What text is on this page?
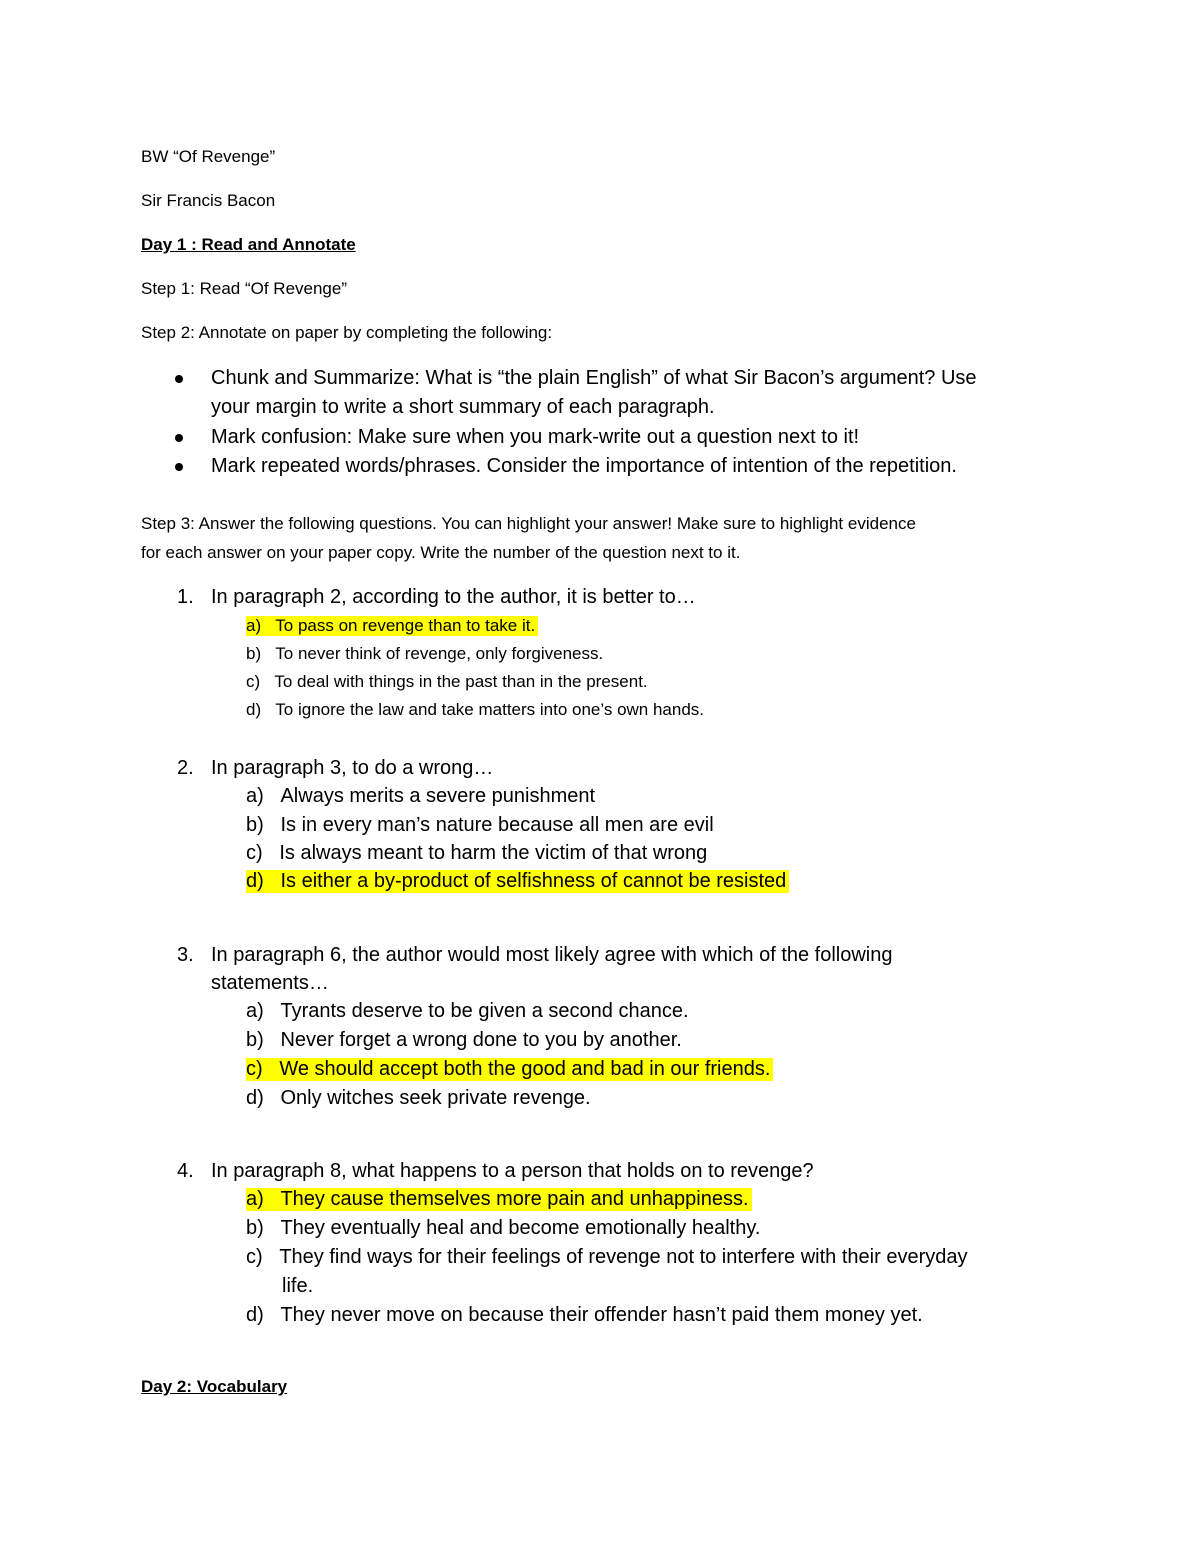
BW “Of Revenge”
Sir Francis Bacon
Day 1 : Read and Annotate
Step 1: Read “Of Revenge”
Step 2: Annotate on paper by completing the following:
Chunk and Summarize: What is “the plain English” of what Sir Bacon’s argument? Use
your margin to write a short summary of each paragraph.
Mark confusion: Make sure when you mark-write out a question next to it!
Mark repeated words/phrases. Consider the importance of intention of the repetition.
Step 3: Answer the following questions. You can highlight your answer! Make sure to highlight evidence
for each answer on your paper copy. Write the number of the question next to it.
1. In paragraph 2, according to the author, it is better to…
a) To pass on revenge than to take it.
b) To never think of revenge, only forgiveness.
c) To deal with things in the past than in the present.
d) To ignore the law and take matters into one’s own hands.
2. In paragraph 3, to do a wrong…
a) Always merits a severe punishment
b) Is in every man’s nature because all men are evil
c) Is always meant to harm the victim of that wrong
d) Is either a by-product of selfishness of cannot be resisted
3. In paragraph 6, the author would most likely agree with which of the following
statements…
a) Tyrants deserve to be given a second chance.
b) Never forget a wrong done to you by another.
c) We should accept both the good and bad in our friends.
d) Only witches seek private revenge.
4. In paragraph 8, what happens to a person that holds on to revenge?
a) They cause themselves more pain and unhappiness.
b) They eventually heal and become emotionally healthy.
c) They find ways for their feelings of revenge not to interfere with their everyday
life.
d) They never move on because their offender hasn’t paid them money yet.
Day 2: Vocabulary
